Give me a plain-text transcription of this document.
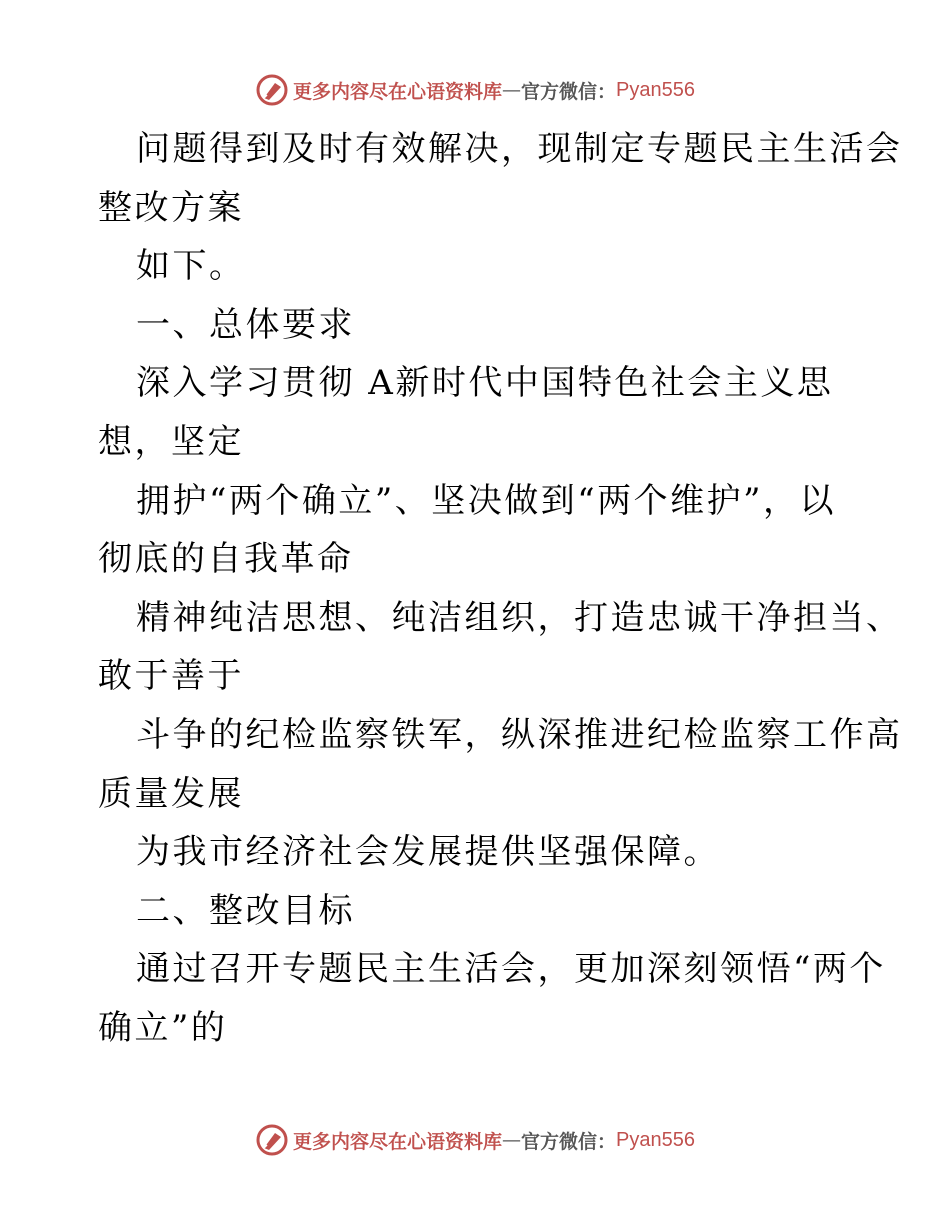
更多内容尽在心语资料库 — 官方微信： Pyan556
问题得到及时有效解决，现制定专题民主生活会
整改方案
如下。
一、总体要求
深入学习贯彻 A新时代中国特色社会主义思
想，坚定
拥护“两个确立”、坚决做到“两个维护”，以
彻底的自我革命
精神纯洁思想、纯洁组织，打造忠诚干净担当、
敢于善于
斗争的纪检监察铁军，纵深推进纪检监察工作高
质量发展
为我市经济社会发展提供坚强保障。
二、整改目标
通过召开专题民主生活会，更加深刻领悟“两个
确立”的
更多内容尽在心语资料库 — 官方微信： Pyan556
